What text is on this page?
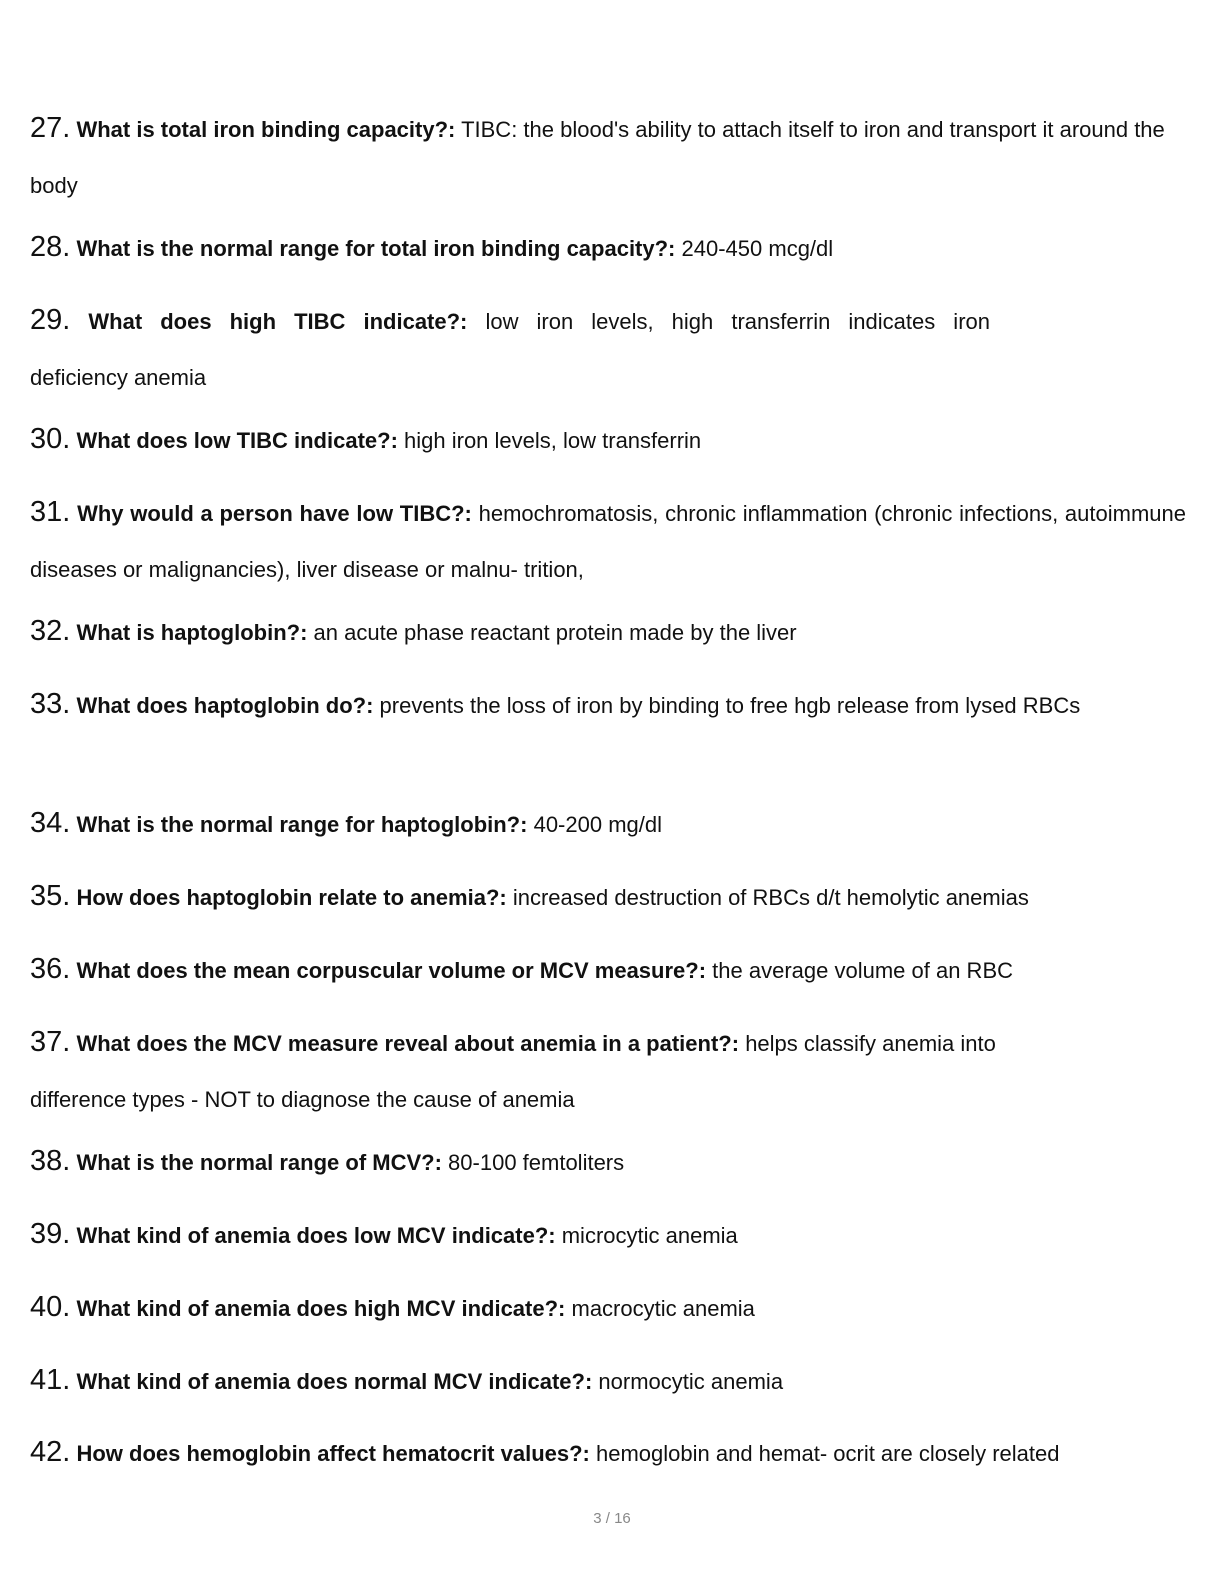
27. What is total iron binding capacity?: TIBC: the blood's ability to attach itself to iron and transport it around the body
28. What is the normal range for total iron binding capacity?: 240-450 mcg/dl
29. What does high TIBC indicate?: low iron levels, high transferrin indicates iron
deficiency anemia
30. What does low TIBC indicate?: high iron levels, low transferrin
31. Why would a person have low TIBC?: hemochromatosis, chronic inflammation (chronic infections, autoimmune diseases or malignancies), liver disease or malnu- trition,
32. What is haptoglobin?: an acute phase reactant protein made by the liver
33. What does haptoglobin do?: prevents the loss of iron by binding to free hgb release from lysed RBCs
34. What is the normal range for haptoglobin?: 40-200 mg/dl
35. How does haptoglobin relate to anemia?: increased destruction of RBCs d/t hemolytic anemias
36. What does the mean corpuscular volume or MCV measure?: the average volume of an RBC
37. What does the MCV measure reveal about anemia in a patient?: helps classify anemia into
difference types - NOT to diagnose the cause of anemia
38. What is the normal range of MCV?: 80-100 femtoliters
39. What kind of anemia does low MCV indicate?: microcytic anemia
40. What kind of anemia does high MCV indicate?: macrocytic anemia
41. What kind of anemia does normal MCV indicate?: normocytic anemia
42. How does hemoglobin affect hematocrit values?: hemoglobin and hemat- ocrit are closely related
3 / 16
